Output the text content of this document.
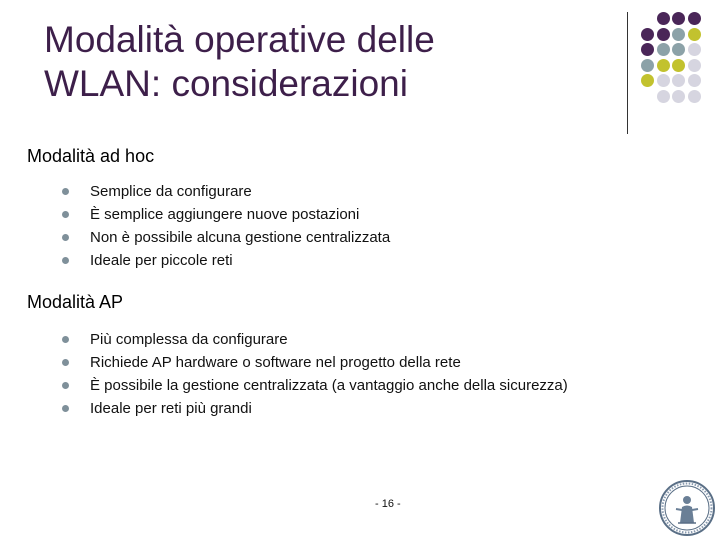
Modalità operative delle
WLAN: considerazioni
Modalità ad hoc
Semplice da configurare
È semplice aggiungere nuove postazioni
Non è possibile alcuna gestione centralizzata
Ideale per piccole reti
Modalità AP
Più complessa da configurare
Richiede AP hardware o software nel progetto della rete
È possibile la gestione centralizzata (a vantaggio anche della sicurezza)
Ideale per reti più grandi
- 16 -
